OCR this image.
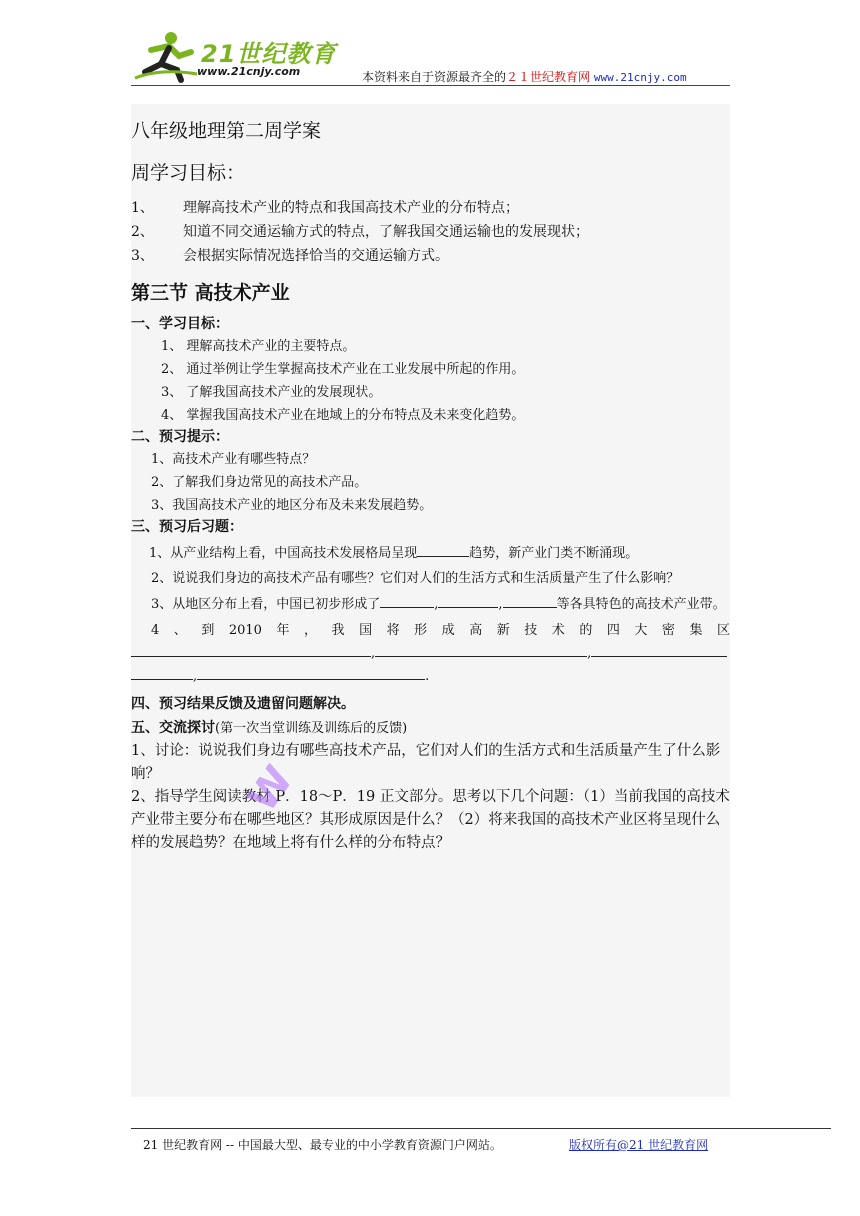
21世纪教育
www.21cnjy.com	本资料来自于资源最齐全的２１世纪教育网 www.21cnjy.com
八年级地理第二周学案
周学习目标：
1、	理解高技术产业的特点和我国高技术产业的分布特点；
2、	知道不同交通运输方式的特点，了解我国交通运输也的发展现状；
3、	会根据实际情况选择恰当的交通运输方式。
第三节 高技术产业
一、学习目标：
1、 理解高技术产业的主要特点。
2、 通过举例让学生掌握高技术产业在工业发展中所起的作用。
3、 了解我国高技术产业的发展现状。
4、 掌握我国高技术产业在地域上的分布特点及未来变化趋势。
二、预习提示：
1、高技术产业有哪些特点？
2、了解我们身边常见的高技术产品。
3、我国高技术产业的地区分布及未来发展趋势。
三、预习后习题：
1、从产业结构上看，中国高技术发展格局呈现	趋势，新产业门类不断涌现。
2、说说我们身边的高技术产品有哪些？它们对人们的生活方式和生活质量产生了什么影响？
3、从地区分布上看，中国已初步形成了	,	,	等各具特色的高技术产业带。
4 、 到 2010 年 ， 我 国 将 形 成 高 新 技 术 的 四 大 密 集 区
,	,
,	.
四、预习结果反馈及遗留问题解决。
五、交流探讨(第一次当堂训练及训练后的反馈)
1、讨论：说说我们身边有哪些高技术产品，它们对人们的生活方式和生活质量产生了什么影响？
2、指导学生阅读教材 P．18～P．19 正文部分。思考以下几个问题：（1）当前我国的高技术产业带主要分布在哪些地区？其形成原因是什么？（2）将来我国的高技术产业区将呈现什么样的发展趋势？在地域上将有什么样的分布特点？
W
21 世纪教育网 -- 中国最大型、最专业的中小学教育资源门户网站。	版权所有@21 世纪教育网
